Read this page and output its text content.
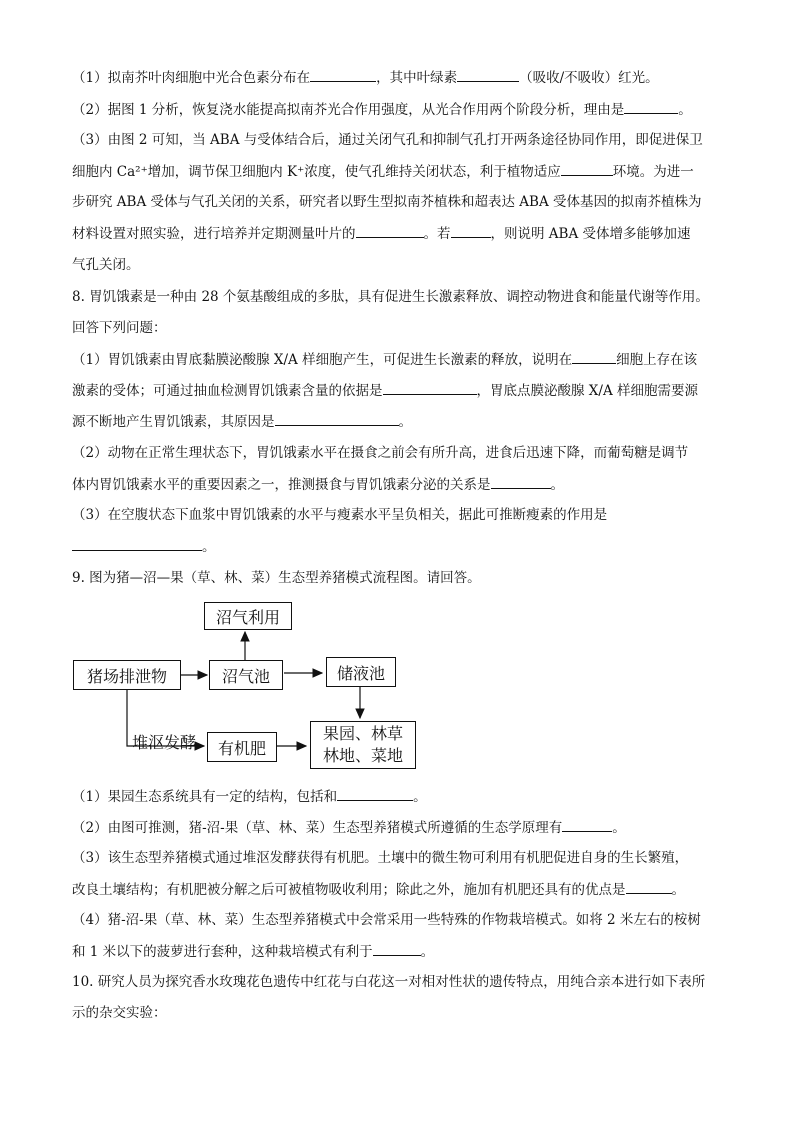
（1）拟南芥叶肉细胞中光合色素分布在	，其中叶绿素	（吸收/不吸收）红光。
（2）据图 1 分析，恢复浇水能提高拟南芥光合作用强度，从光合作用两个阶段分析，理由是	。
（3）由图 2 可知，当 ABA 与受体结合后，通过关闭气孔和抑制气孔打开两条途径协同作用，即促进保卫
细胞内 Ca²⁺增加，调节保卫细胞内 K⁺浓度，使气孔维持关闭状态，利于植物适应	环境。为进一
步研究 ABA 受体与气孔关闭的关系，研究者以野生型拟南芥植株和超表达 ABA 受体基因的拟南芥植株为
材料设置对照实验，进行培养并定期测量叶片的	。若	，则说明 ABA 受体增多能够加速
气孔关闭。
8. 胃饥饿素是一种由 28 个氨基酸组成的多肽，具有促进生长激素释放、调控动物进食和能量代谢等作用。
回答下列问题：
（1）胃饥饿素由胃底黏膜泌酸腺 X/A 样细胞产生，可促进生长激素的释放，说明在	细胞上存在该
激素的受体；可通过抽血检测胃饥饿素含量的依据是	，胃底点膜泌酸腺 X/A 样细胞需要源
源不断地产生胃饥饿素，其原因是	。
（2）动物在正常生理状态下，胃饥饿素水平在摄食之前会有所升高，进食后迅速下降，而葡萄糖是调节
体内胃饥饿素水平的重要因素之一，推测摄食与胃饥饿素分泌的关系是	。
（3）在空腹状态下血浆中胃饥饿素的水平与瘦素水平呈负相关，据此可推断瘦素的作用是
。
9. 图为猪—沼—果（草、林、菜）生态型养猪模式流程图。请回答。
沼气利用
猪场排泄物	沼气池	储液池
堆沤发酵 有机肥
果园、林草
林地、菜地
（1）果园生态系统具有一定的结构，包括和	。
（2）由图可推测，猪-沼-果（草、林、菜）生态型养猪模式所遵循的生态学原理有	。
（3）该生态型养猪模式通过堆沤发酵获得有机肥。土壤中的微生物可利用有机肥促进自身的生长繁殖，
改良土壤结构；有机肥被分解之后可被植物吸收利用；除此之外，施加有机肥还具有的优点是	。
（4）猪-沼-果（草、林、菜）生态型养猪模式中会常采用一些特殊的作物栽培模式。如将 2 米左右的桉树
和 1 米以下的菠萝进行套种，这种栽培模式有利于	。
10. 研究人员为探究香水玫瑰花色遗传中红花与白花这一对相对性状的遗传特点，用纯合亲本进行如下表所
示的杂交实验：
